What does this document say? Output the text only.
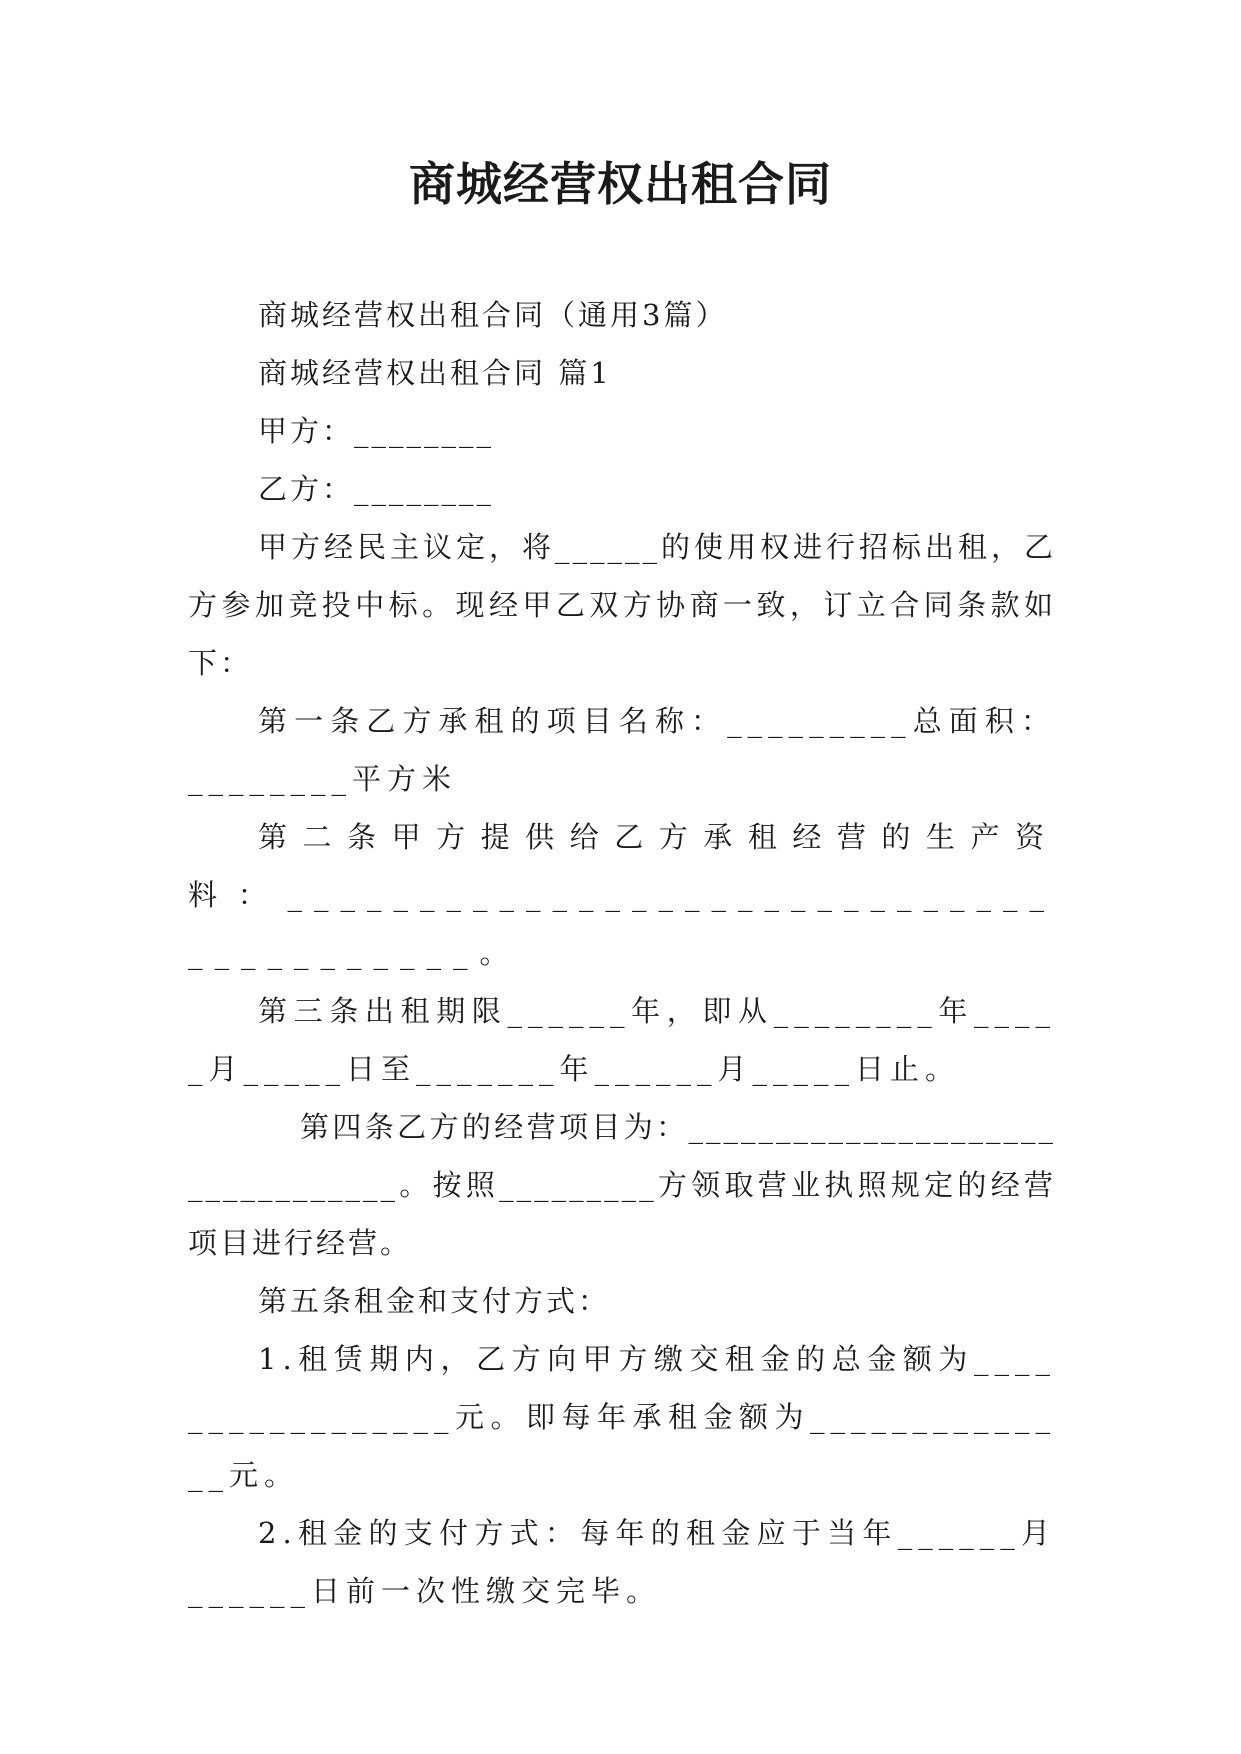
商城经营权出租合同

商城经营权出租合同（通用3篇）

商城经营权出租合同 篇1

甲方：________

乙方：________

甲方经民主议定，将______的使用权进行招标出租，乙方参加竞投中标。现经甲乙双方协商一致，订立合同条款如下：

第一条乙方承租的项目名称：_________总面积：________平方米

第二条甲方提供给乙方承租经营的生产资料：________________________________________。

第三条出租期限______年，即从________年_____月_____日至_______年______月_____日止。

第四条乙方的经营项目为：_________________________________。按照_________方领取营业执照规定的经营项目进行经营。

第五条租金和支付方式：

1.租赁期内，乙方向甲方缴交租金的总金额为_________________元。即每年承租金额为______________元。

2.租金的支付方式：每年的租金应于当年______月______日前一次性缴交完毕。
